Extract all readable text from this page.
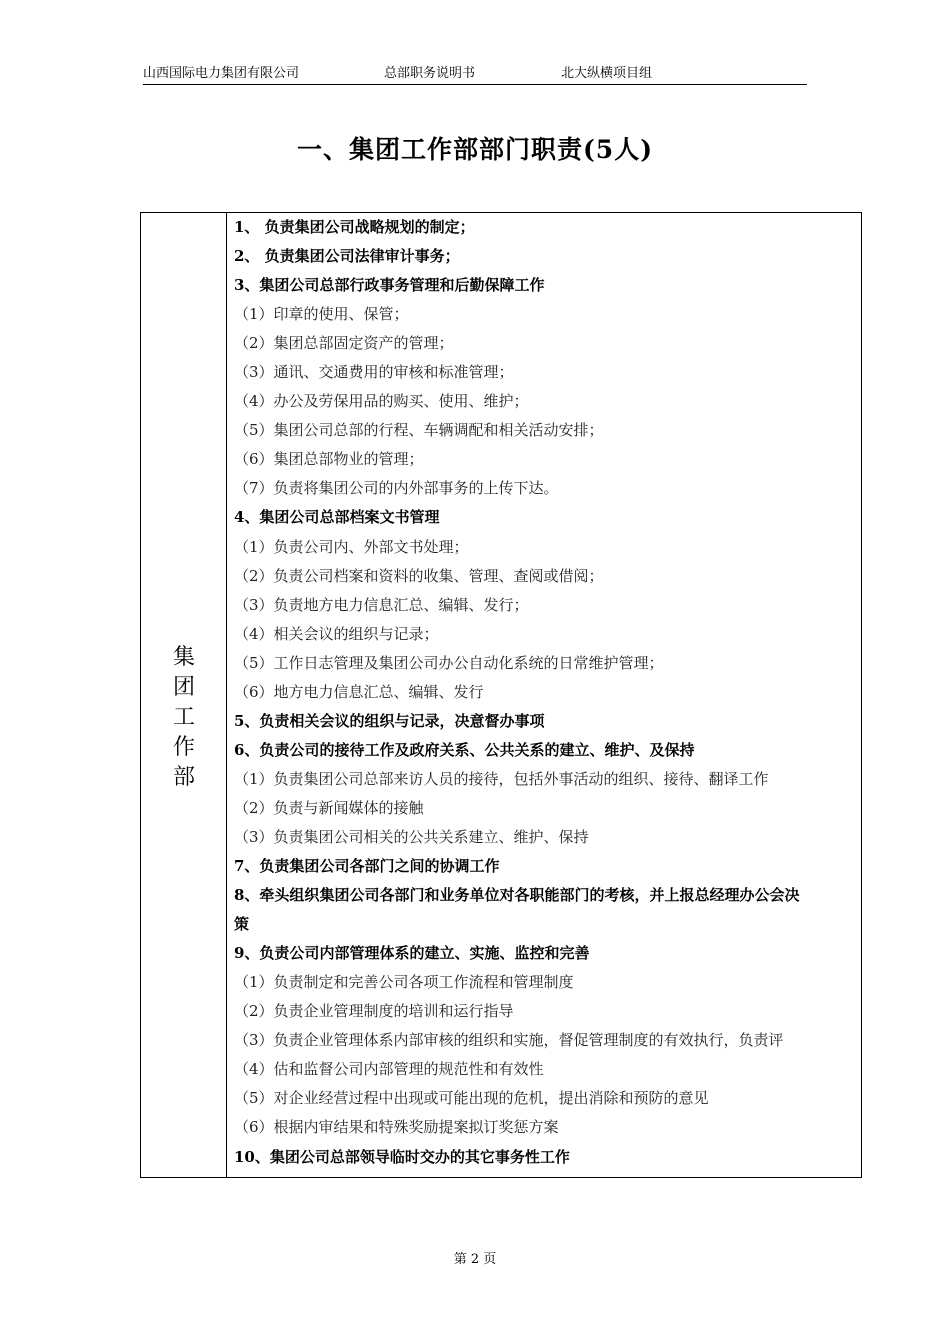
山西国际电力集团有限公司	总部职务说明书	北大纵横项目组
一、集团工作部部门职责(5人)
集
团
工
作
部
1、 负责集团公司战略规划的制定；
2、 负责集团公司法律审计事务；
3、集团公司总部行政事务管理和后勤保障工作
（1）印章的使用、保管；
（2）集团总部固定资产的管理；
（3）通讯、交通费用的审核和标准管理；
（4）办公及劳保用品的购买、使用、维护；
（5）集团公司总部的行程、车辆调配和相关活动安排；
（6）集团总部物业的管理；
（7）负责将集团公司的内外部事务的上传下达。
4、集团公司总部档案文书管理
（1）负责公司内、外部文书处理；
（2）负责公司档案和资料的收集、管理、查阅或借阅；
（3）负责地方电力信息汇总、编辑、发行；
（4）相关会议的组织与记录；
（5）工作日志管理及集团公司办公自动化系统的日常维护管理；
（6）地方电力信息汇总、编辑、发行
5、负责相关会议的组织与记录，决意督办事项
6、负责公司的接待工作及政府关系、公共关系的建立、维护、及保持
（1）负责集团公司总部来访人员的接待，包括外事活动的组织、接待、翻译工作
（2）负责与新闻媒体的接触
（3）负责集团公司相关的公共关系建立、维护、保持
7、负责集团公司各部门之间的协调工作
8、牵头组织集团公司各部门和业务单位对各职能部门的考核，并上报总经理办公会决
策
9、负责公司内部管理体系的建立、实施、监控和完善
（1）负责制定和完善公司各项工作流程和管理制度
（2）负责企业管理制度的培训和运行指导
（3）负责企业管理体系内部审核的组织和实施，督促管理制度的有效执行，负责评
（4）估和监督公司内部管理的规范性和有效性
（5）对企业经营过程中出现或可能出现的危机，提出消除和预防的意见
（6）根据内审结果和特殊奖励提案拟订奖惩方案
10、集团公司总部领导临时交办的其它事务性工作
第 2 页
